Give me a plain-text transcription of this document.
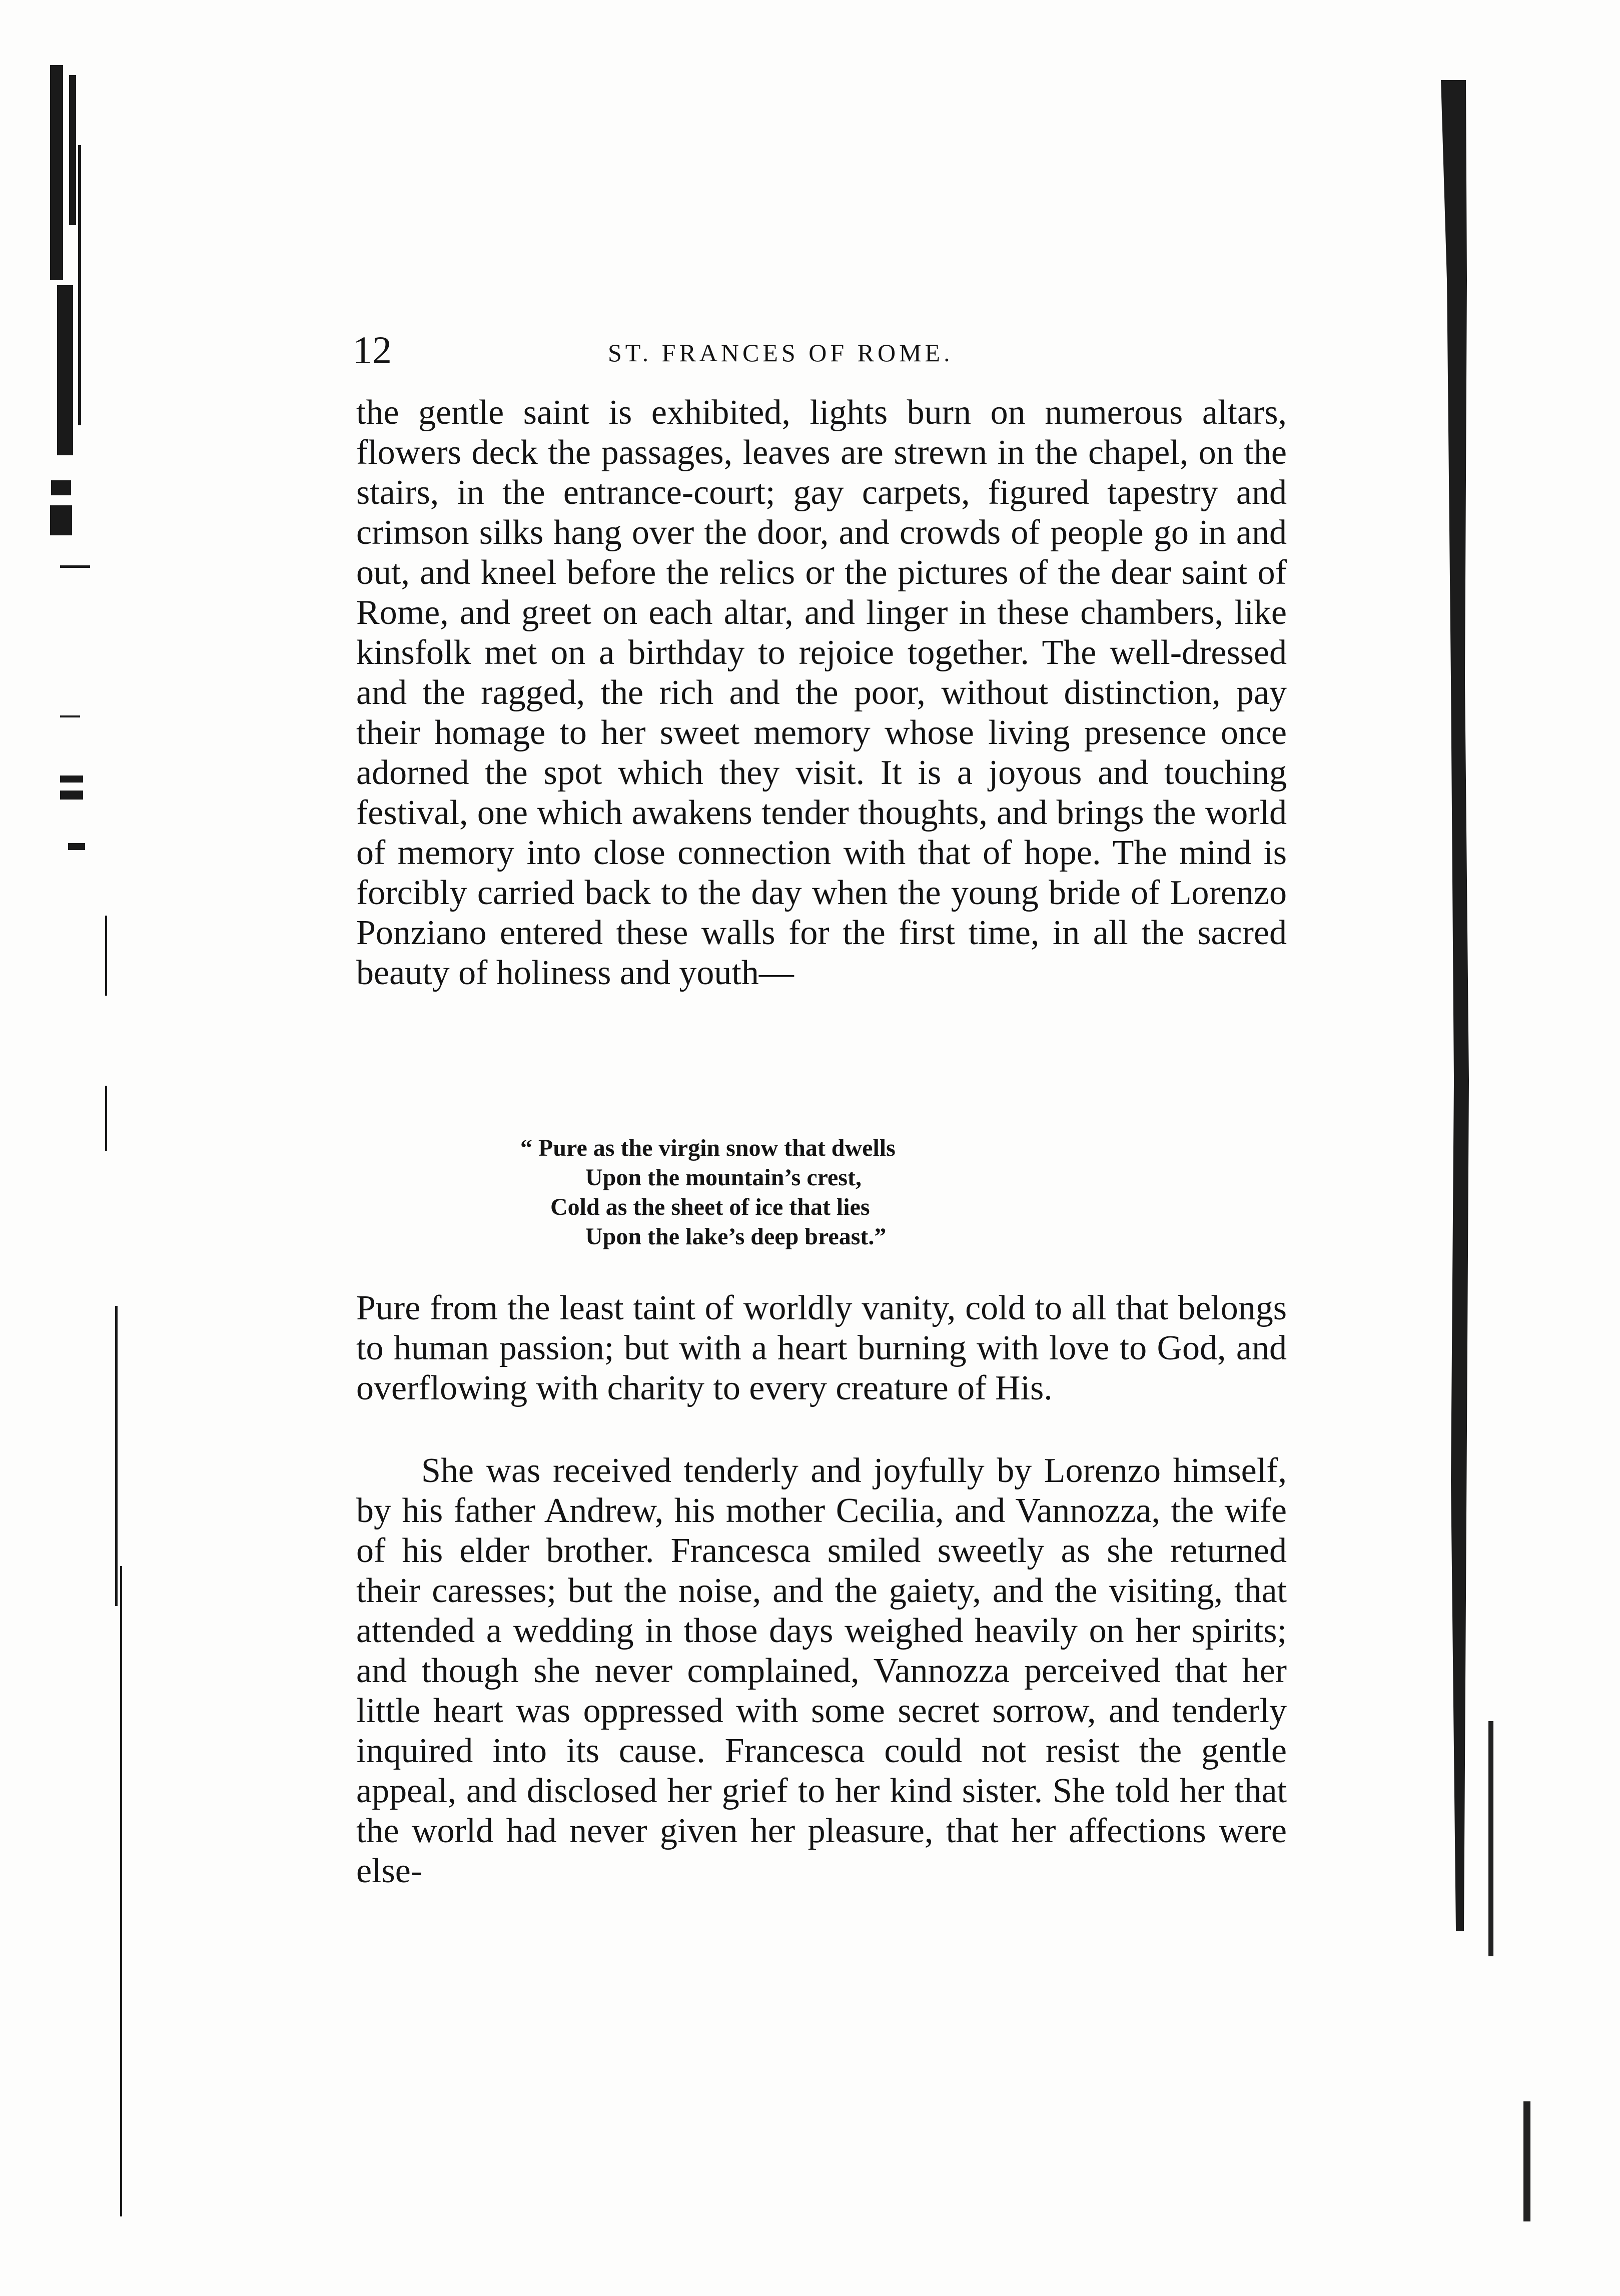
12	ST. FRANCES OF ROME.

the gentle saint is exhibited, lights burn on numerous altars, flowers deck the passages, leaves are strewn in the chapel, on the stairs, in the entrance-court; gay carpets, figured tapestry and crimson silks hang over the door, and crowds of people go in and out, and kneel before the relics or the pictures of the dear saint of Rome, and greet on each altar, and linger in these chambers, like kinsfolk met on a birthday to rejoice together. The well-dressed and the ragged, the rich and the poor, without distinction, pay their homage to her sweet memory whose living presence once adorned the spot which they visit. It is a joyous and touching festival, one which awakens tender thoughts, and brings the world of memory into close connection with that of hope. The mind is forcibly carried back to the day when the young bride of Lorenzo Ponziano entered these walls for the first time, in all the sacred beauty of holiness and youth—

“ Pure as the virgin snow that dwells
Upon the mountain’s crest,
Cold as the sheet of ice that lies
Upon the lake’s deep breast.”

Pure from the least taint of worldly vanity, cold to all that belongs to human passion; but with a heart burning with love to God, and overflowing with charity to every creature of His.

She was received tenderly and joyfully by Lorenzo himself, by his father Andrew, his mother Cecilia, and Vannozza, the wife of his elder brother. Francesca smiled sweetly as she returned their caresses; but the noise, and the gaiety, and the visiting, that attended a wedding in those days weighed heavily on her spirits; and though she never complained, Vannozza perceived that her little heart was oppressed with some secret sorrow, and tenderly inquired into its cause. Francesca could not resist the gentle appeal, and disclosed her grief to her kind sister. She told her that the world had never given her pleasure, that her affections were else-
